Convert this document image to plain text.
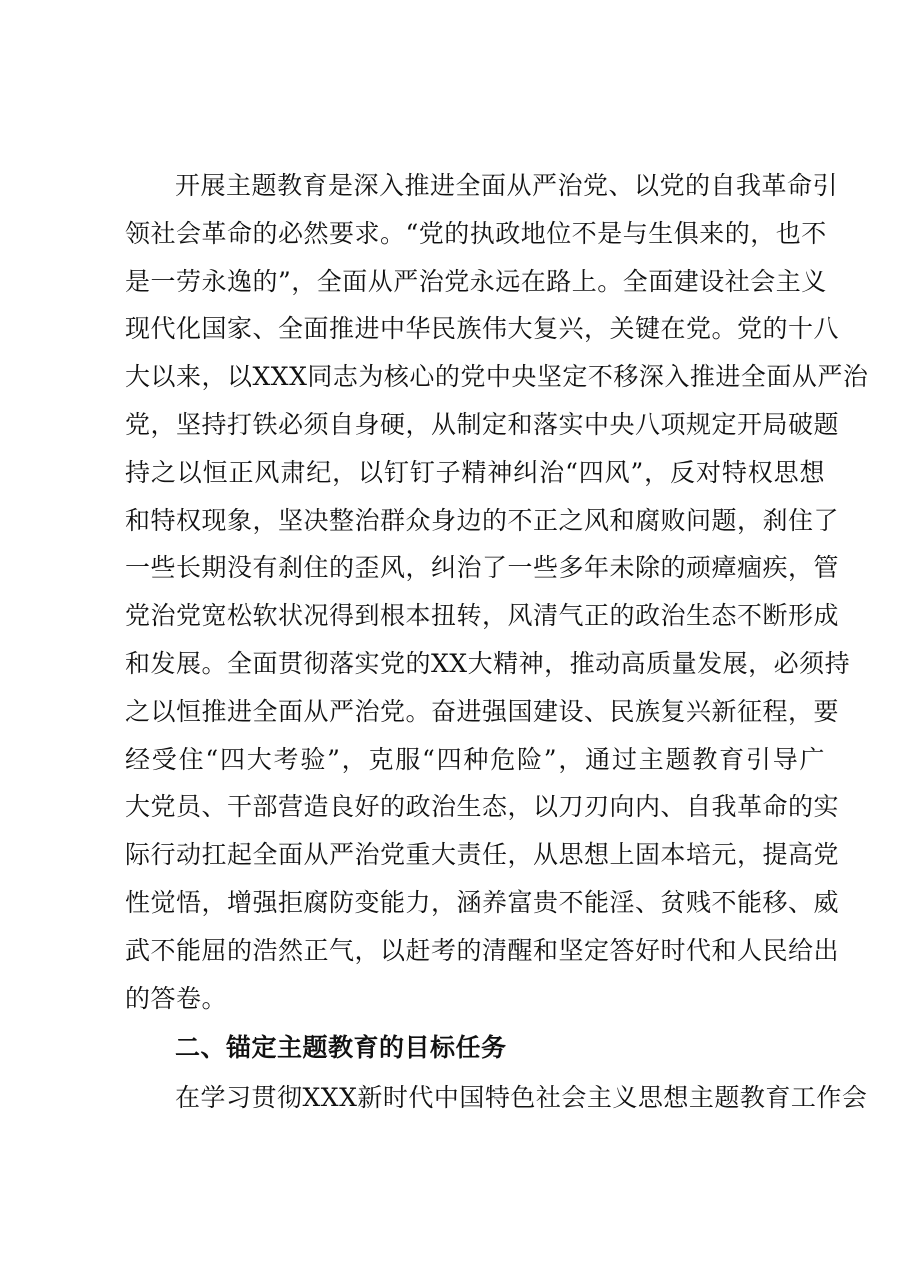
开展主题教育是深入推进全面从严治党、以党的自我革命引
领社会革命的必然要求。“党的执政地位不是与生俱来的，也不
是一劳永逸的”，全面从严治党永远在路上。全面建设社会主义
现代化国家、全面推进中华民族伟大复兴，关键在党。党的十八
大以来，以XXX同志为核心的党中央坚定不移深入推进全面从严治
党，坚持打铁必须自身硬，从制定和落实中央八项规定开局破题
持之以恒正风肃纪，以钉钉子精神纠治“四风”，反对特权思想
和特权现象，坚决整治群众身边的不正之风和腐败问题，刹住了
一些长期没有刹住的歪风，纠治了一些多年未除的顽瘴痼疾，管
党治党宽松软状况得到根本扭转，风清气正的政治生态不断形成
和发展。全面贯彻落实党的XX大精神，推动高质量发展，必须持
之以恒推进全面从严治党。奋进强国建设、民族复兴新征程，要
经受住“四大考验”，克服“四种危险”，通过主题教育引导广
大党员、干部营造良好的政治生态，以刀刃向内、自我革命的实
际行动扛起全面从严治党重大责任，从思想上固本培元，提高党
性觉悟，增强拒腐防变能力，涵养富贵不能淫、贫贱不能移、威
武不能屈的浩然正气，以赶考的清醒和坚定答好时代和人民给出
的答卷。
二、锚定主题教育的目标任务
在学习贯彻XXX新时代中国特色社会主义思想主题教育工作会
